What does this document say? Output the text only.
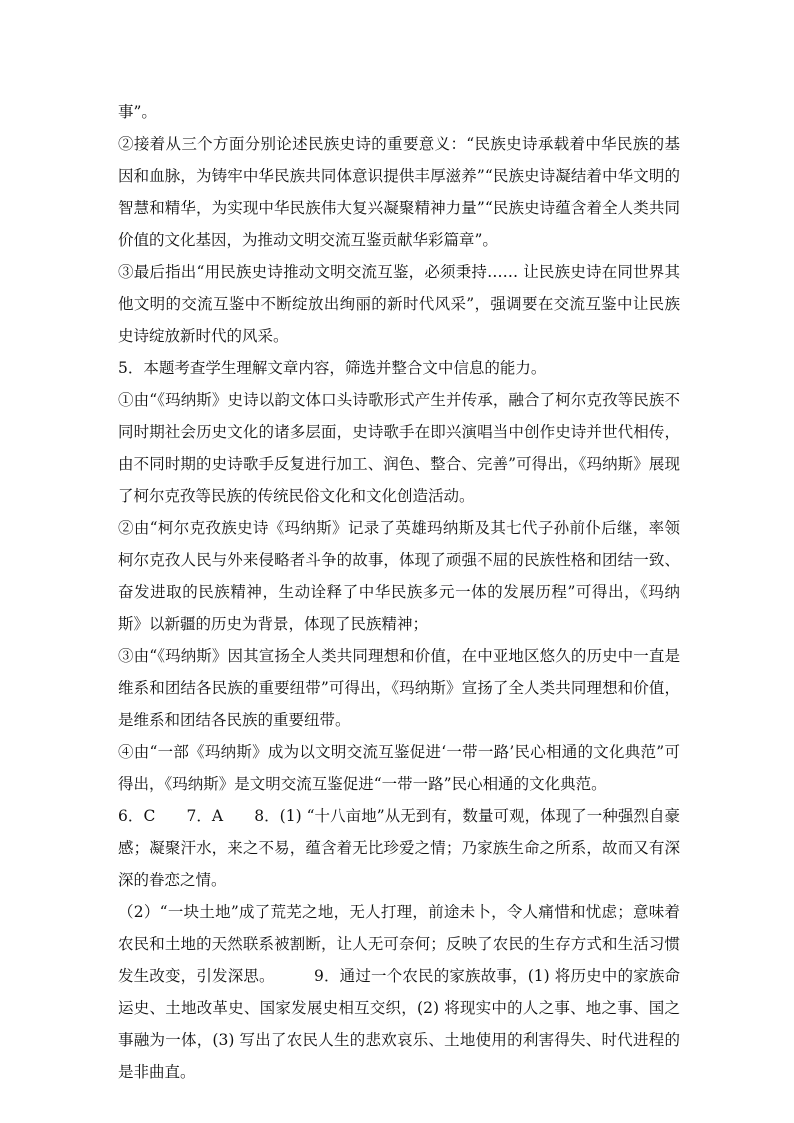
事”。

②接着从三个方面分别论述民族史诗的重要意义：“民族史诗承载着中华民族的基因和血脉，为铸牢中华民族共同体意识提供丰厚滋养”“民族史诗凝结着中华文明的智慧和精华，为实现中华民族伟大复兴凝聚精神力量”“民族史诗蕴含着全人类共同价值的文化基因，为推动文明交流互鉴贡献华彩篇章”。

③最后指出“用民族史诗推动文明交流互鉴，必须秉持…… 让民族史诗在同世界其他文明的交流互鉴中不断绽放出绚丽的新时代风采”，强调要在交流互鉴中让民族史诗绽放新时代的风采。

5．本题考查学生理解文章内容，筛选并整合文中信息的能力。

①由“《玛纳斯》史诗以韵文体口头诗歌形式产生并传承，融合了柯尔克孜等民族不同时期社会历史文化的诸多层面，史诗歌手在即兴演唱当中创作史诗并世代相传，由不同时期的史诗歌手反复进行加工、润色、整合、完善”可得出，《玛纳斯》展现了柯尔克孜等民族的传统民俗文化和文化创造活动。

②由“柯尔克孜族史诗《玛纳斯》记录了英雄玛纳斯及其七代子孙前仆后继，率领柯尔克孜人民与外来侵略者斗争的故事，体现了顽强不屈的民族性格和团结一致、奋发进取的民族精神，生动诠释了中华民族多元一体的发展历程”可得出，《玛纳斯》以新疆的历史为背景，体现了民族精神；

③由“《玛纳斯》因其宣扬全人类共同理想和价值，在中亚地区悠久的历史中一直是维系和团结各民族的重要纽带”可得出，《玛纳斯》宣扬了全人类共同理想和价值，是维系和团结各民族的重要纽带。

④由“一部《玛纳斯》成为以文明交流互鉴促进‘一带一路’民心相通的文化典范”可得出，《玛纳斯》是文明交流互鉴促进“一带一路”民心相通的文化典范。

6．C　　7．A　　8．(1) “十八亩地”从无到有，数量可观，体现了一种强烈自豪感；凝聚汗水，来之不易，蕴含着无比珍爱之情；乃家族生命之所系，故而又有深深的眷恋之情。

（2）“一块土地”成了荒芜之地，无人打理，前途未卜，令人痛惜和忧虑；意味着农民和土地的天然联系被割断，让人无可奈何；反映了农民的生存方式和生活习惯发生改变，引发深思。　　　9．通过一个农民的家族故事，(1) 将历史中的家族命运史、土地改革史、国家发展史相互交织，(2) 将现实中的人之事、地之事、国之事融为一体，(3) 写出了农民人生的悲欢哀乐、土地使用的利害得失、时代进程的是非曲直。
